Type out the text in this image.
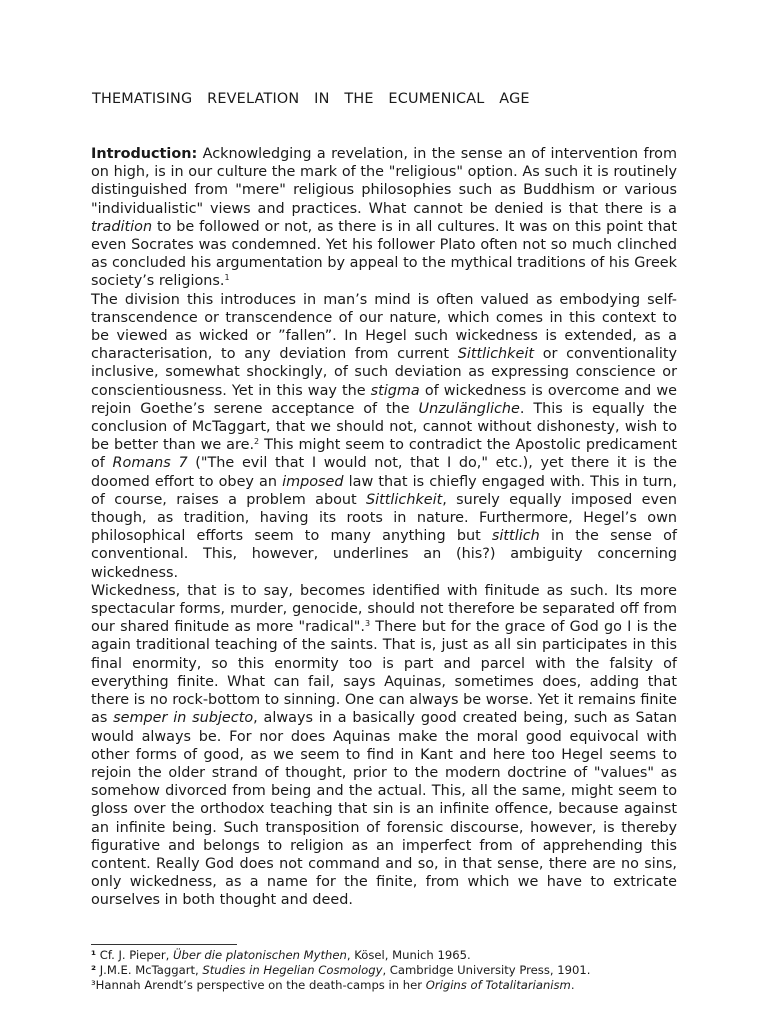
THEMATISING REVELATION IN THE ECUMENICAL AGE

Introduction: Acknowledging a revelation, in the sense an of intervention from on high, is in our culture the mark of the "religious" option. As such it is routinely distinguished from "mere" religious philosophies such as Buddhism or various "individualistic" views and practices. What cannot be denied is that there is a tradition to be followed or not, as there is in all cultures. It was on this point that even Socrates was condemned. Yet his follower Plato often not so much clinched as concluded his argumentation by appeal to the mythical traditions of his Greek society’s religions.$^1$

The division this introduces in man’s mind is often valued as embodying self-transcendence or transcendence of our nature, which comes in this context to be viewed as wicked or ”fallen”. In Hegel such wickedness is extended, as a characterisation, to any deviation from current Sittlichkeit or conventionality inclusive, somewhat shockingly, of such deviation as expressing conscience or conscientiousness. Yet in this way the stigma of wickedness is overcome and we rejoin Goethe’s serene acceptance of the Unzulängliche. This is equally the conclusion of McTaggart, that we should not, cannot without dishonesty, wish to be better than we are.$^2$ This might seem to contradict the Apostolic predicament of Romans 7 ("The evil that I would not, that I do," etc.), yet there it is the doomed effort to obey an imposed law that is chiefly engaged with. This in turn, of course, raises a problem about Sittlichkeit, surely equally imposed even though, as tradition, having its roots in nature. Furthermore, Hegel’s own philosophical efforts seem to many anything but sittlich in the sense of conventional. This, however, underlines an (his?) ambiguity concerning wickedness.

Wickedness, that is to say, becomes identified with finitude as such. Its more spectacular forms, murder, genocide, should not therefore be separated off from our shared finitude as more "radical".$^3$ There but for the grace of God go I is the again traditional teaching of the saints. That is, just as all sin participates in this final enormity, so this enormity too is part and parcel with the falsity of everything finite. What can fail, says Aquinas, sometimes does, adding that there is no rock-bottom to sinning. One can always be worse. Yet it remains finite as semper in subjecto, always in a basically good created being, such as Satan would always be. For nor does Aquinas make the moral good equivocal with other forms of good, as we seem to find in Kant and here too Hegel seems to rejoin the older strand of thought, prior to the modern doctrine of "values" as somehow divorced from being and the actual. This, all the same, might seem to gloss over the orthodox teaching that sin is an infinite offence, because against an infinite being. Such transposition of forensic discourse, however, is thereby figurative and belongs to religion as an imperfect from of apprehending this content. Really God does not command and so, in that sense, there are no sins, only wickedness, as a name for the finite, from which we have to extricate ourselves in both thought and deed.

¹ Cf. J. Pieper, Über die platonischen Mythen, Kösel, Munich 1965.

² J.M.E. McTaggart, Studies in Hegelian Cosmology, Cambridge University Press, 1901.

³Hannah Arendt’s perspective on the death-camps in her Origins of Totalitarianism.
